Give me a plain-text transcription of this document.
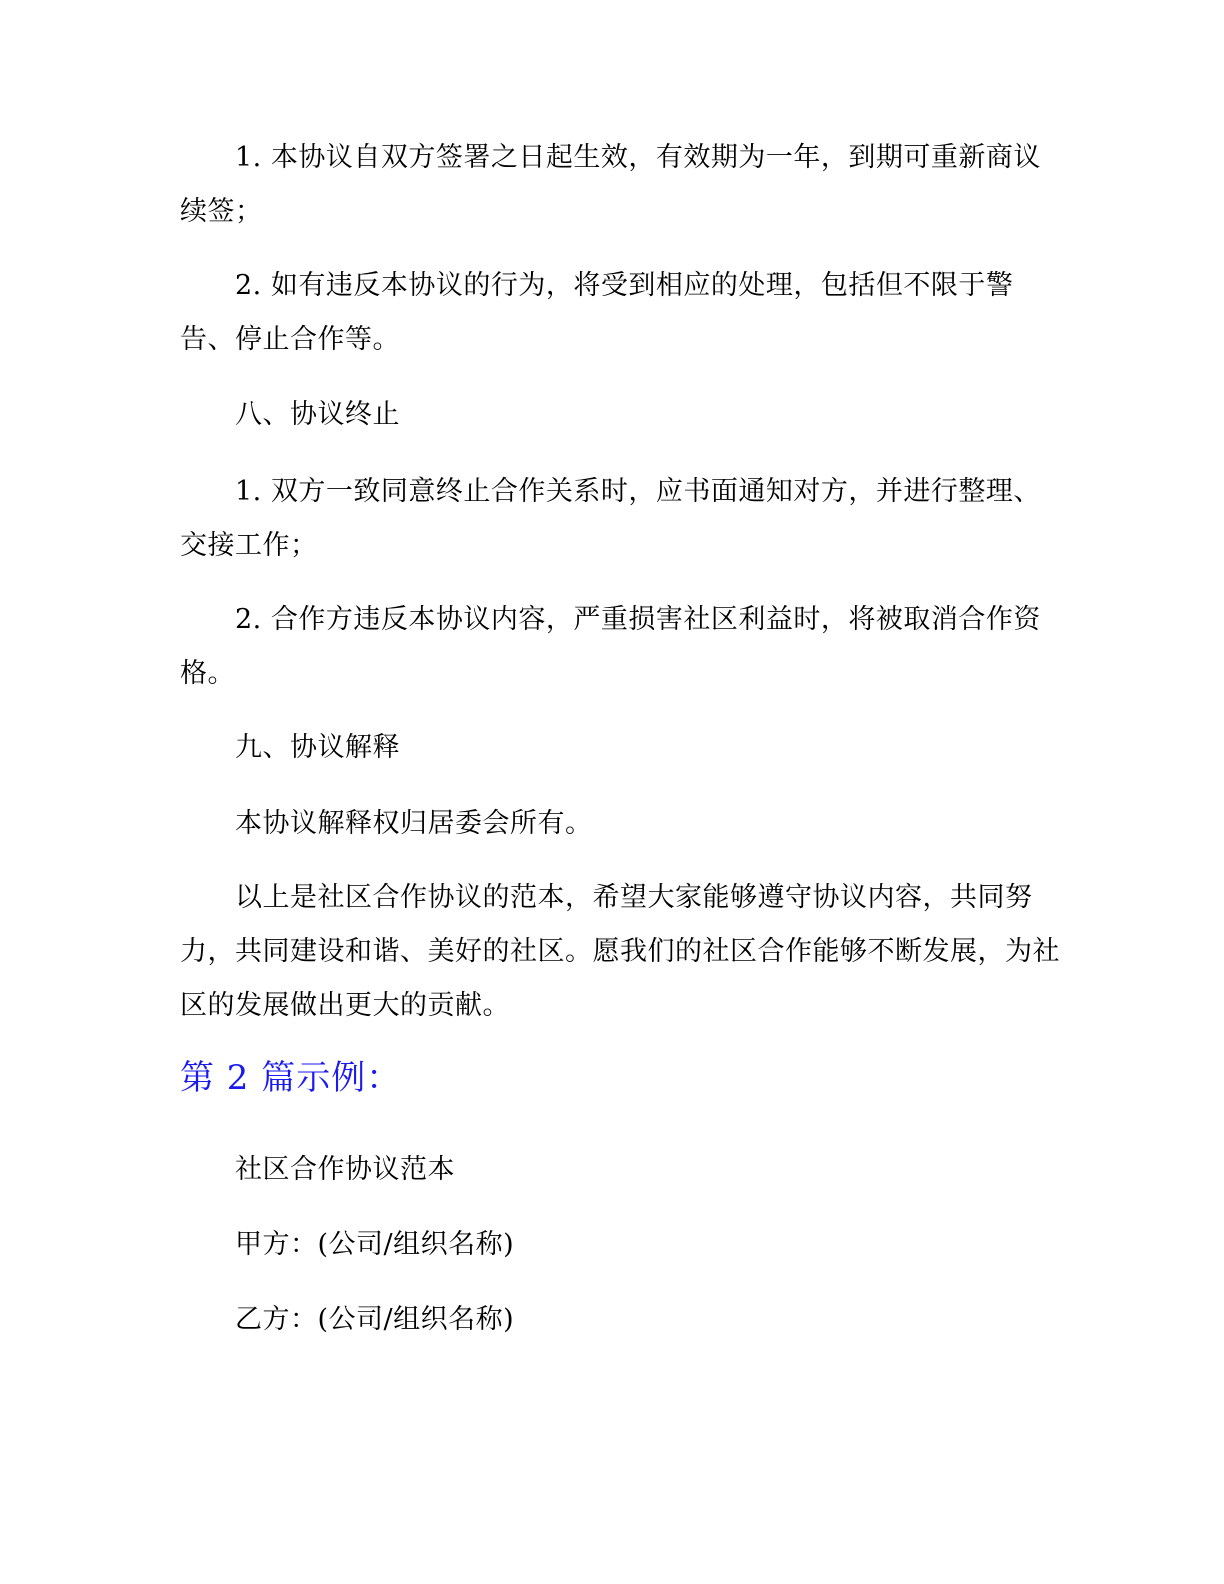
1. 本协议自双方签署之日起生效，有效期为一年，到期可重新商议续签；

2. 如有违反本协议的行为，将受到相应的处理，包括但不限于警告、停止合作等。

八、协议终止

1. 双方一致同意终止合作关系时，应书面通知对方，并进行整理、交接工作；

2. 合作方违反本协议内容，严重损害社区利益时，将被取消合作资格。

九、协议解释

本协议解释权归居委会所有。

以上是社区合作协议的范本，希望大家能够遵守协议内容，共同努力，共同建设和谐、美好的社区。愿我们的社区合作能够不断发展，为社区的发展做出更大的贡献。

第 2 篇示例：

社区合作协议范本

甲方：(公司/组织名称)

乙方：(公司/组织名称)
